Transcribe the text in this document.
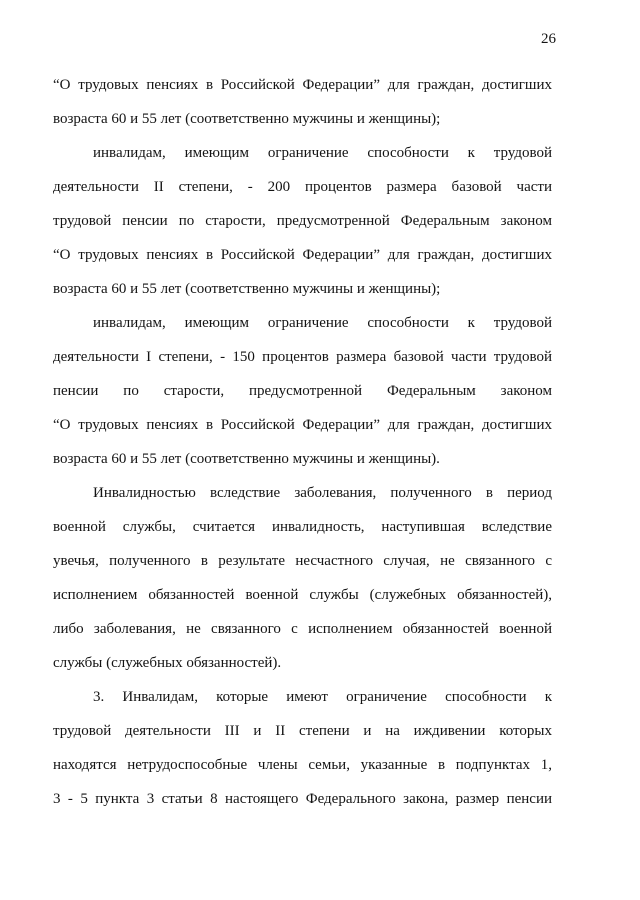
26
“О трудовых пенсиях в Российской Федерации” для граждан, достигших
возраста 60 и 55 лет (соответственно мужчины и женщины);
инвалидам, имеющим ограничение способности к трудовой
деятельности II степени, - 200 процентов размера базовой части
трудовой пенсии по старости, предусмотренной Федеральным законом
“О трудовых пенсиях в Российской Федерации” для граждан, достигших
возраста 60 и 55 лет (соответственно мужчины и женщины);
инвалидам, имеющим ограничение способности к трудовой
деятельности I степени, - 150 процентов размера базовой части трудовой
пенсии по старости, предусмотренной Федеральным законом
“О трудовых пенсиях в Российской Федерации” для граждан, достигших
возраста 60 и 55 лет (соответственно мужчины и женщины).
Инвалидностью вследствие заболевания, полученного в период
военной службы, считается инвалидность, наступившая вследствие
увечья, полученного в результате несчастного случая, не связанного с
исполнением обязанностей военной службы (служебных обязанностей),
либо заболевания, не связанного с исполнением обязанностей военной
службы (служебных обязанностей).
3. Инвалидам, которые имеют ограничение способности к
трудовой деятельности III и II степени и на иждивении которых
находятся нетрудоспособные члены семьи, указанные в подпунктах 1,
3 - 5 пункта 3 статьи 8 настоящего Федерального закона, размер пенсии
